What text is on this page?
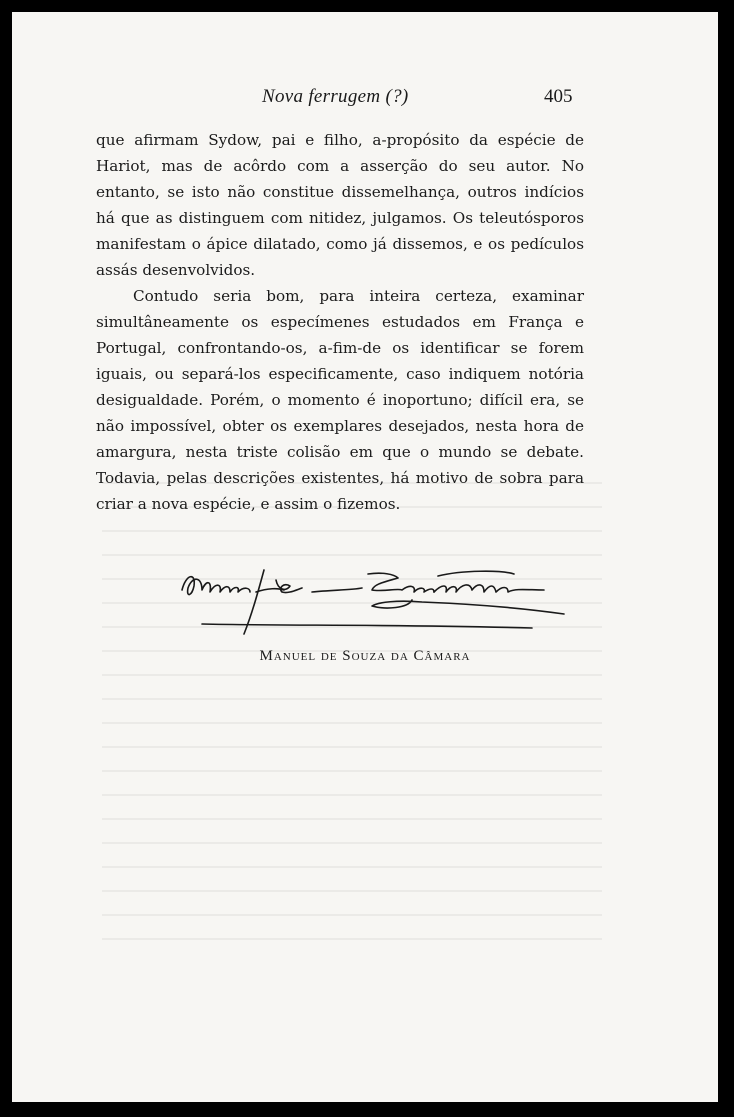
Nova ferrugem (?)	405

que afirmam Sydow, pai e filho, a-propósito da espécie de Hariot, mas de acôrdo com a asserção do seu autor. No entanto, se isto não constitue dissemelhança, outros indícios há que as distinguem com nitidez, julgamos. Os teleutósporos manifestam o ápice dilatado, como já dissemos, e os pedículos assás desenvolvidos.

Contudo seria bom, para inteira certeza, examinar simultâneamente os especímenes estudados em França e Portugal, confrontando-os, a-fim-de os identificar se forem iguais, ou separá-los especificamente, caso indiquem notória desigualdade. Porém, o momento é inoportuno; difícil era, se não impossível, obter os exemplares desejados, nesta hora de amargura, nesta triste colisão em que o mundo se debate. Todavia, pelas descrições existentes, há motivo de sobra para criar a nova espécie, e assim o fizemos.

Manuel de Souza da Camara
Manuel de Souza da Câmara
